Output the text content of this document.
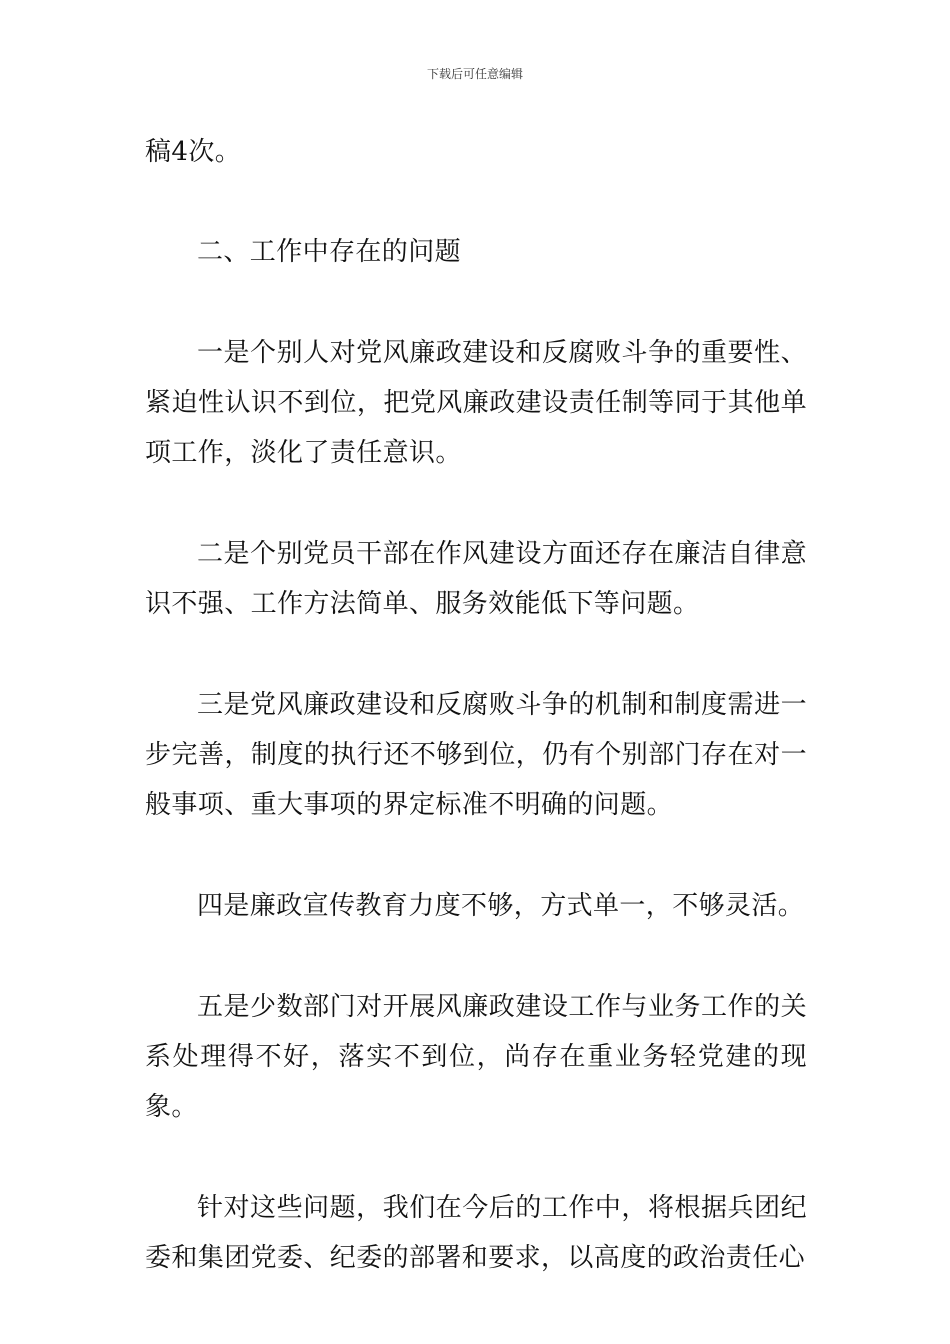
下载后可任意编辑

稿4次。

二、工作中存在的问题

一是个别人对党风廉政建设和反腐败斗争的重要性、紧迫性认识不到位，把党风廉政建设责任制等同于其他单项工作，淡化了责任意识。

二是个别党员干部在作风建设方面还存在廉洁自律意识不强、工作方法简单、服务效能低下等问题。

三是党风廉政建设和反腐败斗争的机制和制度需进一步完善，制度的执行还不够到位，仍有个别部门存在对一般事项、重大事项的界定标准不明确的问题。

四是廉政宣传教育力度不够，方式单一，不够灵活。

五是少数部门对开展风廉政建设工作与业务工作的关系处理得不好，落实不到位，尚存在重业务轻党建的现象。

针对这些问题，我们在今后的工作中，将根据兵团纪委和集团党委、纪委的部署和要求，以高度的政治责任心
